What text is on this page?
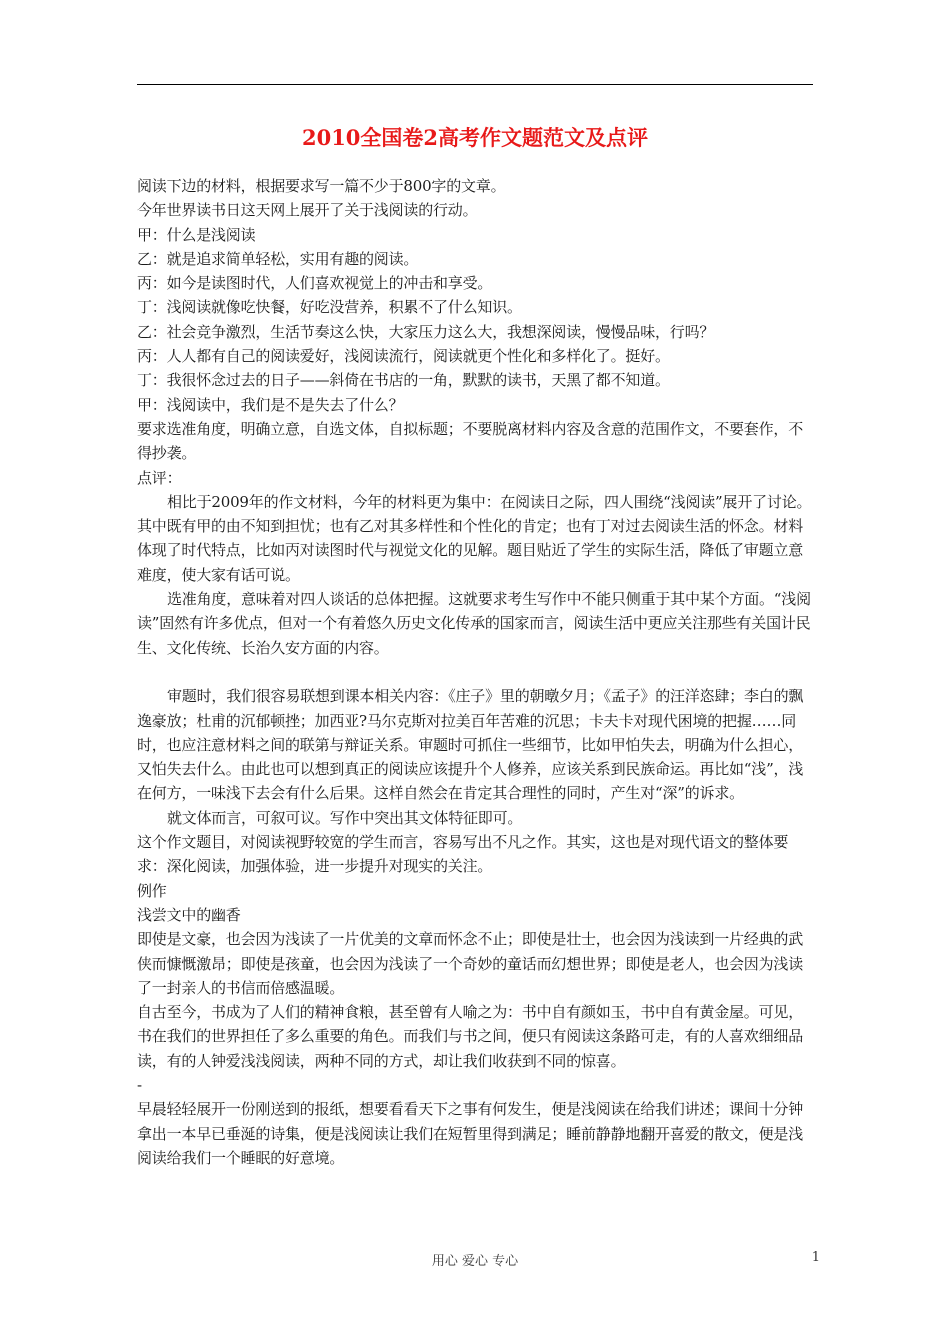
2010全国卷2高考作文题范文及点评

阅读下边的材料，根据要求写一篇不少于800字的文章。

今年世界读书日这天网上展开了关于浅阅读的行动。

甲：什么是浅阅读

乙：就是追求简单轻松，实用有趣的阅读。

丙：如今是读图时代，人们喜欢视觉上的冲击和享受。

丁：浅阅读就像吃快餐，好吃没营养，积累不了什么知识。

乙：社会竞争激烈，生活节奏这么快，大家压力这么大，我想深阅读，慢慢品味，行吗？

丙：人人都有自己的阅读爱好，浅阅读流行，阅读就更个性化和多样化了。挺好。

丁：我很怀念过去的日子——斜倚在书店的一角，默默的读书，天黑了都不知道。

甲：浅阅读中，我们是不是失去了什么？

要求选准角度，明确立意，自选文体，自拟标题；不要脱离材料内容及含意的范围作文，不要套作，不得抄袭。

点评：

相比于2009年的作文材料，今年的材料更为集中：在阅读日之际，四人围绕“浅阅读”展开了讨论。其中既有甲的由不知到担忧；也有乙对其多样性和个性化的肯定；也有丁对过去阅读生活的怀念。材料体现了时代特点，比如丙对读图时代与视觉文化的见解。题目贴近了学生的实际生活，降低了审题立意难度，使大家有话可说。

选准角度，意味着对四人谈话的总体把握。这就要求考生写作中不能只侧重于其中某个方面。“浅阅读”固然有许多优点，但对一个有着悠久历史文化传承的国家而言，阅读生活中更应关注那些有关国计民生、文化传统、长治久安方面的内容。

审题时，我们很容易联想到课本相关内容：《庄子》里的朝暾夕月；《孟子》的汪洋恣肆；李白的飘逸豪放；杜甫的沉郁顿挫；加西亚?马尔克斯对拉美百年苦难的沉思；卡夫卡对现代困境的把握……同时，也应注意材料之间的联第与辩证关系。审题时可抓住一些细节，比如甲怕失去，明确为什么担心，又怕失去什么。由此也可以想到真正的阅读应该提升个人修养，应该关系到民族命运。再比如“浅”，浅在何方，一味浅下去会有什么后果。这样自然会在肯定其合理性的同时，产生对“深”的诉求。

就文体而言，可叙可议。写作中突出其文体特征即可。

这个作文题目，对阅读视野较宽的学生而言，容易写出不凡之作。其实，这也是对现代语文的整体要求：深化阅读，加强体验，进一步提升对现实的关注。

例作

浅尝文中的幽香

即使是文豪，也会因为浅读了一片优美的文章而怀念不止；即使是壮士，也会因为浅读到一片经典的武侠而慷慨激昂；即使是孩童，也会因为浅读了一个奇妙的童话而幻想世界；即使是老人，也会因为浅读了一封亲人的书信而倍感温暖。

自古至今，书成为了人们的精神食粮，甚至曾有人喻之为：书中自有颜如玉，书中自有黄金屋。可见，书在我们的世界担任了多么重要的角色。而我们与书之间，便只有阅读这条路可走，有的人喜欢细细品读，有的人钟爱浅浅阅读，两种不同的方式，却让我们收获到不同的惊喜。

-

早晨轻轻展开一份刚送到的报纸，想要看看天下之事有何发生，便是浅阅读在给我们讲述；课间十分钟拿出一本早已垂涎的诗集，便是浅阅读让我们在短暂里得到满足；睡前静静地翻开喜爱的散文，便是浅阅读给我们一个睡眠的好意境。

用心 爱心 专心	1
